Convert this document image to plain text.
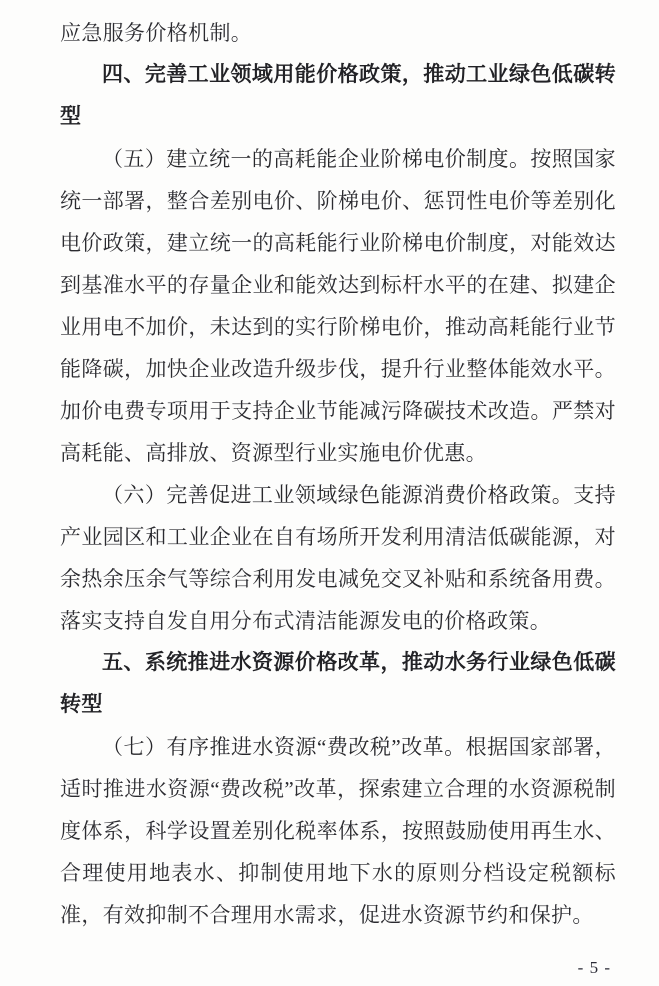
应急服务价格机制。
四、完善工业领域用能价格政策，推动工业绿色低碳转型
（五）建立统一的高耗能企业阶梯电价制度。按照国家统一部署，整合差别电价、阶梯电价、惩罚性电价等差别化电价政策，建立统一的高耗能行业阶梯电价制度，对能效达到基准水平的存量企业和能效达到标杆水平的在建、拟建企业用电不加价，未达到的实行阶梯电价，推动高耗能行业节能降碳，加快企业改造升级步伐，提升行业整体能效水平。加价电费专项用于支持企业节能减污降碳技术改造。严禁对高耗能、高排放、资源型行业实施电价优惠。
（六）完善促进工业领域绿色能源消费价格政策。支持产业园区和工业企业在自有场所开发利用清洁低碳能源，对余热余压余气等综合利用发电减免交叉补贴和系统备用费。落实支持自发自用分布式清洁能源发电的价格政策。
五、系统推进水资源价格改革，推动水务行业绿色低碳转型
（七）有序推进水资源“费改税”改革。根据国家部署，适时推进水资源“费改税”改革，探索建立合理的水资源税制度体系，科学设置差别化税率体系，按照鼓励使用再生水、合理使用地表水、抑制使用地下水的原则分档设定税额标准，有效抑制不合理用水需求，促进水资源节约和保护。
- 5 -
